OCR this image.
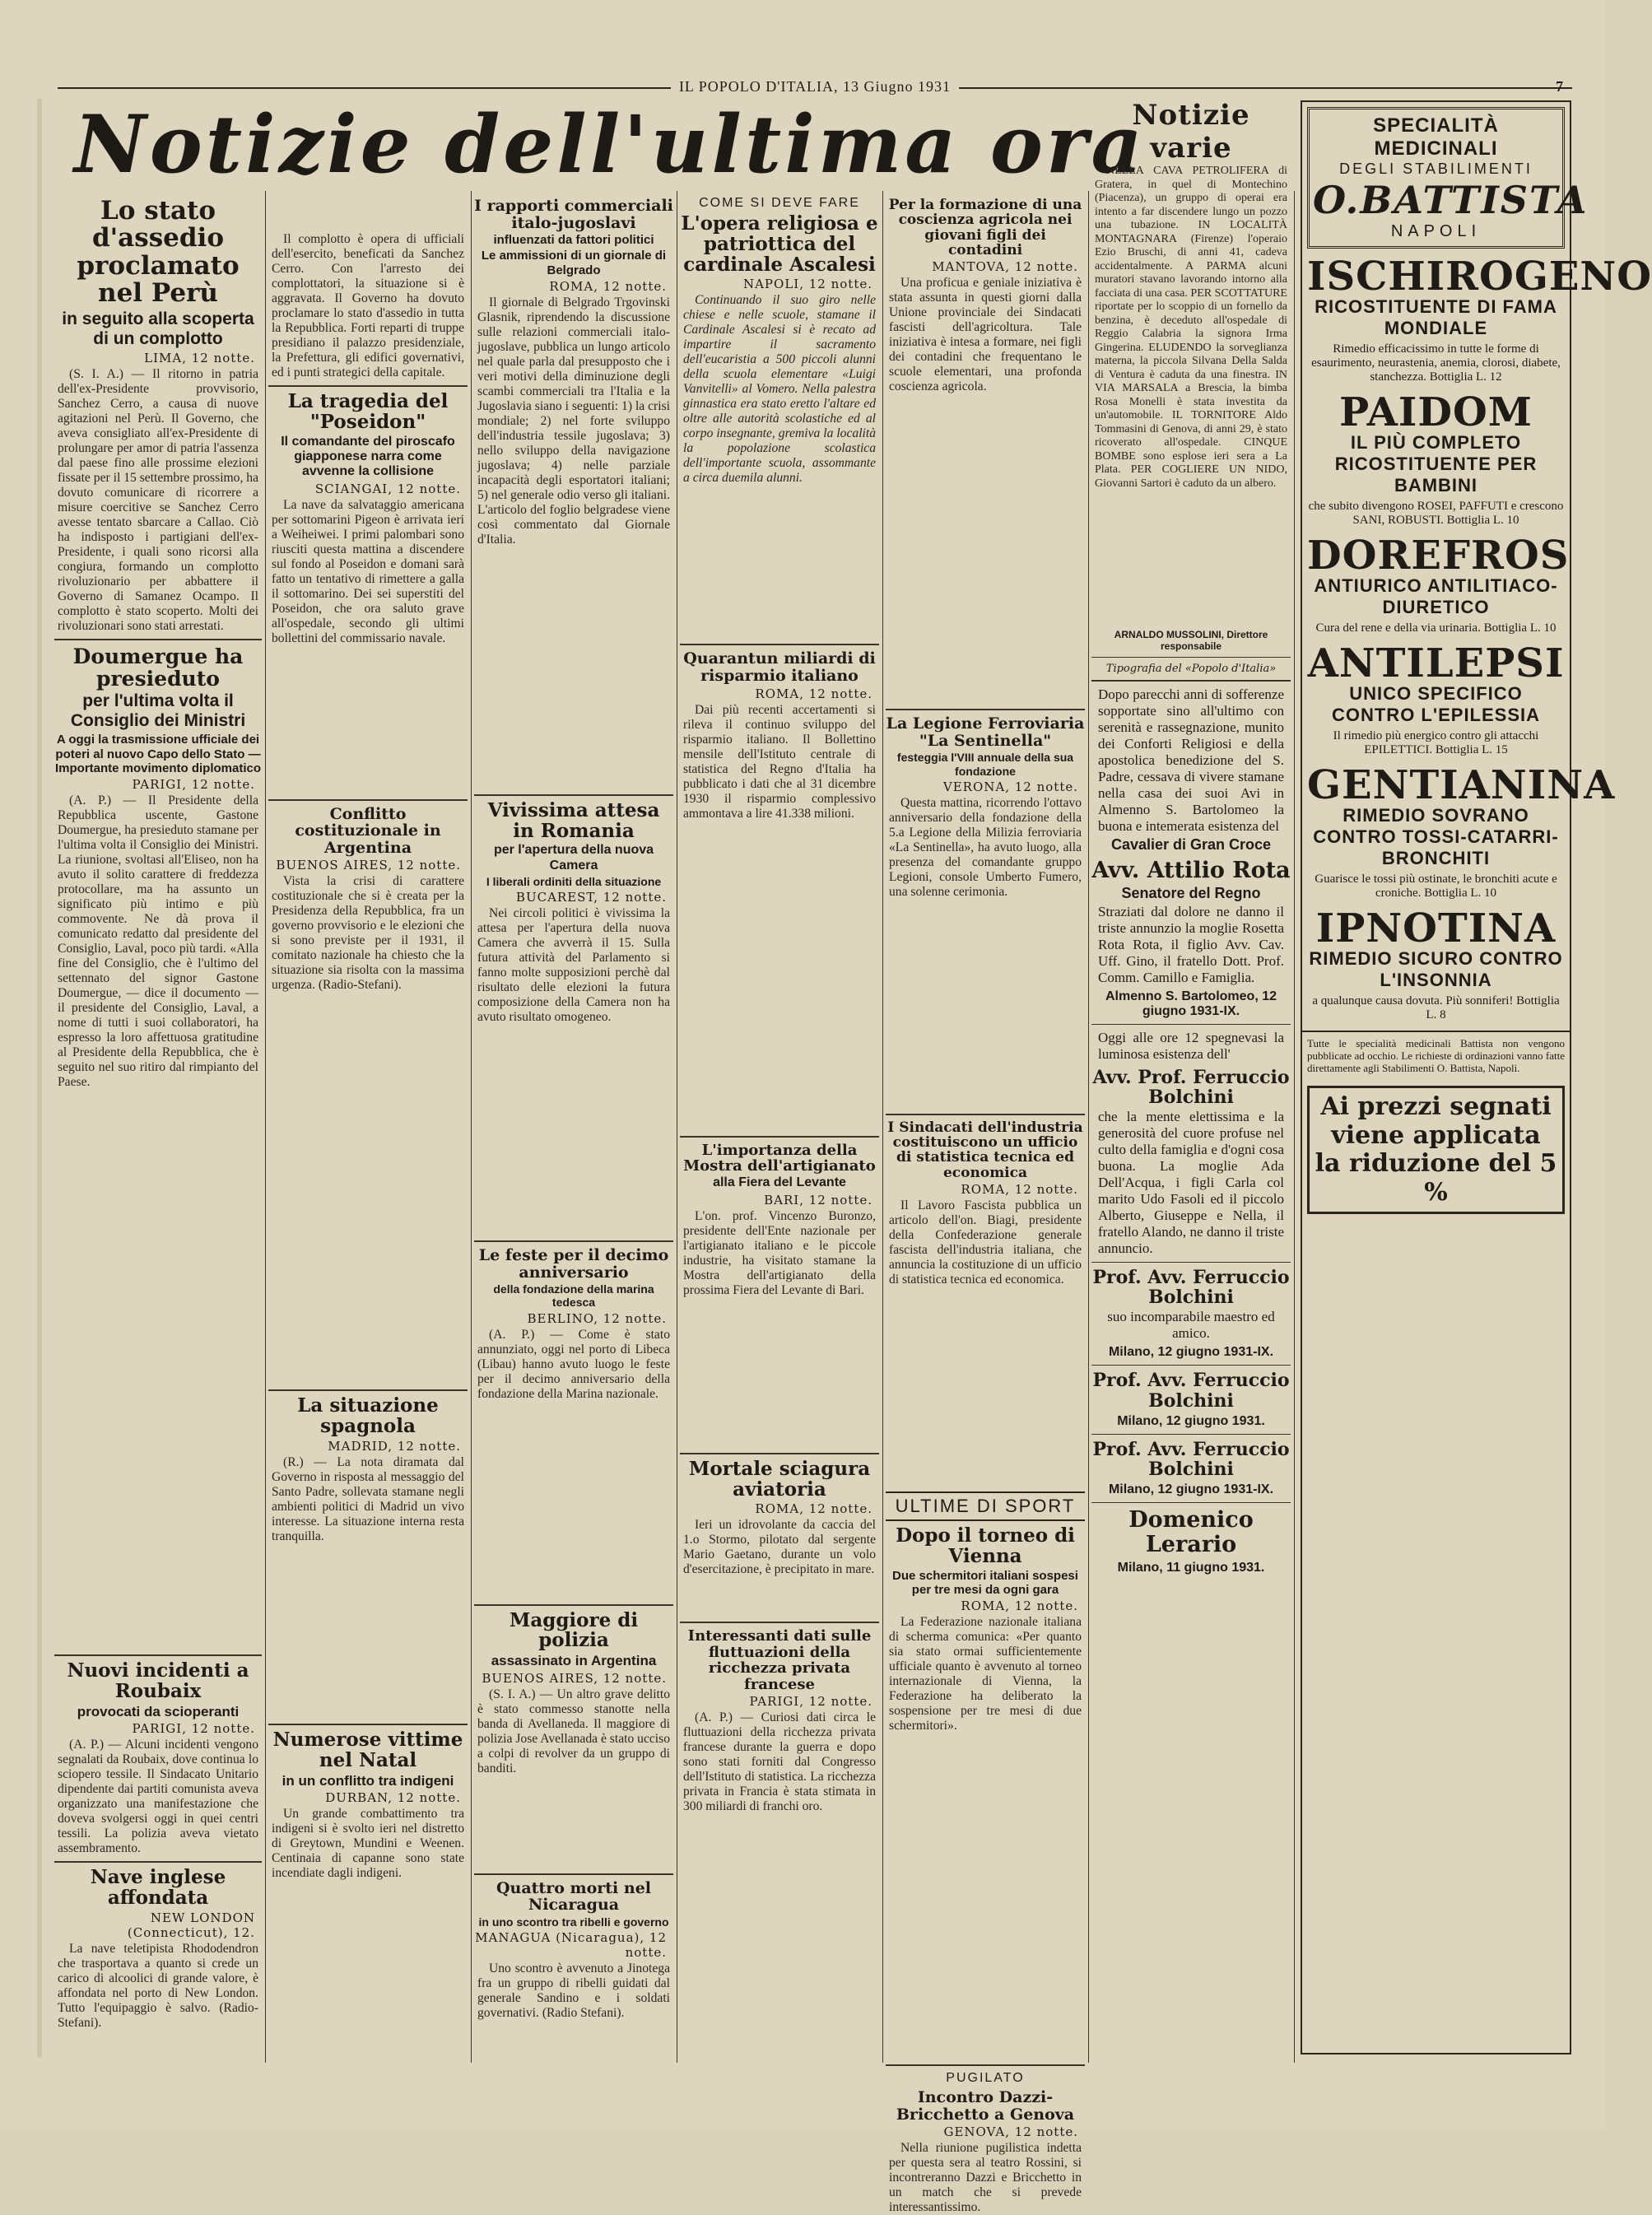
IL POPOLO D'ITALIA, 13 Giugno 1931	7
Notizie dell'ultima ora
Lo stato d'assedio proclamato nel Perù
in seguito alla scoperta di un complotto
LIMA, 12 notte.

(S. I. A.) — Il ritorno in patria dell'ex-Presidente provvisorio, Sanchez Cerro, a causa di nuove agitazioni nel Perù. Il Governo, che aveva consigliato all'ex-Presidente di prolungare per amor di patria l'assenza dal paese fino alle prossime elezioni fissate per il 15 settembre prossimo, ha dovuto comunicare di ricorrere a misure coercitive se Sanchez Cerro avesse tentato sbarcare a Callao. Ciò ha indisposto i partigiani dell'ex-Presidente, i quali sono ricorsi alla congiura, formando un complotto rivoluzionario per abbattere il Governo di Samanez Ocampo. Il complotto è stato scoperto. Molti dei rivoluzionari sono stati arrestati.

Doumergue ha presieduto
per l'ultima volta il Consiglio dei Ministri
A oggi la trasmissione ufficiale dei poteri al nuovo Capo dello Stato — Importante movimento diplomatico
PARIGI, 12 notte.

(A. P.) — Il Presidente della Repubblica uscente, Gastone Doumergue, ha presieduto stamane per l'ultima volta il Consiglio dei Ministri. La riunione, svoltasi all'Eliseo, non ha avuto il solito carattere di freddezza protocollare, ma ha assunto un significato più intimo e più commovente. Ne dà prova il comunicato redatto dal presidente del Consiglio, Laval, poco più tardi. «Alla fine del Consiglio, che è l'ultimo del settennato del signor Gastone Doumergue, — dice il documento — il presidente del Consiglio, Laval, a nome di tutti i suoi collaboratori, ha espresso la loro affettuosa gratitudine al Presidente della Repubblica, che è seguito nel suo ritiro dal rimpianto del Paese.

Nuovi incidenti a Roubaix
provocati da scioperanti
PARIGI, 12 notte.

(A. P.) — Alcuni incidenti vengono segnalati da Roubaix, dove continua lo sciopero tessile. Il Sindacato Unitario dipendente dai partiti comunista aveva organizzato una manifestazione che doveva svolgersi oggi in quei centri tessili. La polizia aveva vietato assembramento.

Nave inglese affondata
NEW LONDON (Connecticut), 12.

La nave teletipista Rhododendron che trasportava a quanto si crede un carico di alcoolici di grande valore, è affondata nel porto di New London. Tutto l'equipaggio è salvo. (Radio-Stefani).

Il complotto è opera di ufficiali dell'esercito, beneficati da Sanchez Cerro. Con l'arresto dei complottatori, la situazione si è aggravata. Il Governo ha dovuto proclamare lo stato d'assedio in tutta la Repubblica. Forti reparti di truppe presidiano il palazzo presidenziale, la Prefettura, gli edifici governativi, ed i punti strategici della capitale.

La tragedia del "Poseidon"
Il comandante del piroscafo giapponese narra come avvenne la collisione
SCIANGAI, 12 notte.

La nave da salvataggio americana per sottomarini Pigeon è arrivata ieri a Weiheiwei. I primi palombari sono riusciti questa mattina a discendere sul fondo al Poseidon e domani sarà fatto un tentativo di rimettere a galla il sottomarino. Dei sei superstiti del Poseidon, che ora saluto grave all'ospedale, secondo gli ultimi bollettini del commissario navale.

Conflitto costituzionale in Argentina
BUENOS AIRES, 12 notte.

Vista la crisi di carattere costituzionale che si è creata per la Presidenza della Repubblica, fra un governo provvisorio e le elezioni che si sono previste per il 1931, il comitato nazionale ha chiesto che la situazione sia risolta con la massima urgenza. (Radio-Stefani).

La situazione spagnola
MADRID, 12 notte.

(R.) — La nota diramata dal Governo in risposta al messaggio del Santo Padre, sollevata stamane negli ambienti politici di Madrid un vivo interesse. La situazione interna resta tranquilla.

Numerose vittime nel Natal
in un conflitto tra indigeni
DURBAN, 12 notte.

Un grande combattimento tra indigeni si è svolto ieri nel distretto di Greytown, Mundini e Weenen. Centinaia di capanne sono state incendiate dagli indigeni.

I rapporti commerciali italo-jugoslavi
influenzati da fattori politici
Le ammissioni di un giornale di Belgrado
ROMA, 12 notte.

Il giornale di Belgrado Trgovinski Glasnik, riprendendo la discussione sulle relazioni commerciali italo-jugoslave, pubblica un lungo articolo nel quale parla dal presupposto che i veri motivi della diminuzione degli scambi commerciali tra l'Italia e la Jugoslavia siano i seguenti: 1) la crisi mondiale; 2) nel forte sviluppo dell'industria tessile jugoslava; 3) nello sviluppo della navigazione jugoslava; 4) nelle parziale incapacità degli esportatori italiani; 5) nel generale odio verso gli italiani. L'articolo del foglio belgradese viene così commentato dal Giornale d'Italia.

Vivissima attesa in Romania
per l'apertura della nuova Camera
I liberali ordiniti della situazione
BUCAREST, 12 notte.

Nei circoli politici è vivissima la attesa per l'apertura della nuova Camera che avverrà il 15. Sulla futura attività del Parlamento si fanno molte supposizioni perchè dal risultato delle elezioni la futura composizione della Camera non ha avuto risultato omogeneo.

Le feste per il decimo anniversario
della fondazione della marina tedesca
BERLINO, 12 notte.

(A. P.) — Come è stato annunziato, oggi nel porto di Libeca (Libau) hanno avuto luogo le feste per il decimo anniversario della fondazione della Marina nazionale.

Maggiore di polizia
assassinato in Argentina
BUENOS AIRES, 12 notte.

(S. I. A.) — Un altro grave delitto è stato commesso stanotte nella banda di Avellaneda. Il maggiore di polizia Jose Avellanada è stato ucciso a colpi di revolver da un gruppo di banditi.

Quattro morti nel Nicaragua
in uno scontro tra ribelli e governo
MANAGUA (Nicaragua), 12 notte.

Uno scontro è avvenuto a Jinotega fra un gruppo di ribelli guidati dal generale Sandino e i soldati governativi. (Radio Stefani).

COME SI DEVE FARE
L'opera religiosa e patriottica del cardinale Ascalesi
NAPOLI, 12 notte.

Continuando il suo giro nelle chiese e nelle scuole, stamane il Cardinale Ascalesi si è recato ad impartire il sacramento dell'eucaristia a 500 piccoli alunni della scuola elementare «Luigi Vanvitelli» al Vomero. Nella palestra ginnastica era stato eretto l'altare ed oltre alle autorità scolastiche ed al corpo insegnante, gremiva la località la popolazione scolastica dell'importante scuola, assommante a circa duemila alunni.

Quarantun miliardi di risparmio italiano
ROMA, 12 notte.

Dai più recenti accertamenti si rileva il continuo sviluppo del risparmio italiano. Il Bollettino mensile dell'Istituto centrale di statistica del Regno d'Italia ha pubblicato i dati che al 31 dicembre 1930 il risparmio complessivo ammontava a lire 41.338 milioni.

L'importanza della Mostra dell'artigianato
alla Fiera del Levante
BARI, 12 notte.

L'on. prof. Vincenzo Buronzo, presidente dell'Ente nazionale per l'artigianato italiano e le piccole industrie, ha visitato stamane la Mostra dell'artigianato della prossima Fiera del Levante di Bari.

Mortale sciagura aviatoria
ROMA, 12 notte.

Ieri un idrovolante da caccia del 1.o Stormo, pilotato dal sergente Mario Gaetano, durante un volo d'esercitazione, è precipitato in mare.

Interessanti dati sulle fluttuazioni della ricchezza privata francese
PARIGI, 12 notte.

(A. P.) — Curiosi dati circa le fluttuazioni della ricchezza privata francese durante la guerra e dopo sono stati forniti dal Congresso dell'Istituto di statistica. La ricchezza privata in Francia è stata stimata in 300 miliardi di franchi oro.

Per la formazione di una coscienza agricola nei giovani figli dei contadini
MANTOVA, 12 notte.

Una proficua e geniale iniziativa è stata assunta in questi giorni dalla Unione provinciale dei Sindacati fascisti dell'agricoltura. Tale iniziativa è intesa a formare, nei figli dei contadini che frequentano le scuole elementari, una profonda coscienza agricola.

La Legione Ferroviaria "La Sentinella"
festeggia l'VIII annuale della sua fondazione
VERONA, 12 notte.

Questa mattina, ricorrendo l'ottavo anniversario della fondazione della 5.a Legione della Milizia ferroviaria «La Sentinella», ha avuto luogo, alla presenza del comandante gruppo Legioni, console Umberto Fumero, una solenne cerimonia.

I Sindacati dell'industria costituiscono un ufficio di statistica tecnica ed economica
ROMA, 12 notte.

Il Lavoro Fascista pubblica un articolo dell'on. Biagi, presidente della Confederazione generale fascista dell'industria italiana, che annuncia la costituzione di un ufficio di statistica tecnica ed economica.

ULTIME DI SPORT
Dopo il torneo di Vienna
Due schermitori italiani sospesi per tre mesi da ogni gara
ROMA, 12 notte.

La Federazione nazionale italiana di scherma comunica: «Per quanto sia stato ormai sufficientemente ufficiale quanto è avvenuto al torneo internazionale di Vienna, la Federazione ha deliberato la sospensione per tre mesi di due schermitori».

PUGILATO
Incontro Dazzi-Bricchetto a Genova
GENOVA, 12 notte.

Nella riunione pugilistica indetta per questa sera al teatro Rossini, si incontreranno Dazzi e Bricchetto in un match che si prevede interessantissimo.

Notizie varie

NELLA CAVA PETROLIFERA di Gratera, in quel di Montechino (Piacenza), un gruppo di operai era intento a far discendere lungo un pozzo una tubazione. IN LOCALITÀ MONTAGNARA (Firenze) l'operaio Ezio Bruschi, di anni 41, cadeva accidentalmente. A PARMA alcuni muratori stavano lavorando intorno alla facciata di una casa. PER SCOTTATURE riportate per lo scoppio di un fornello da benzina, è deceduto all'ospedale di Reggio Calabria la signora Irma Gingerina. ELUDENDO la sorveglianza materna, la piccola Silvana Della Salda di Ventura è caduta da una finestra. IN VIA MARSALA a Brescia, la bimba Rosa Monelli è stata investita da un'automobile. IL TORNITORE Aldo Tommasini di Genova, di anni 29, è stato ricoverato all'ospedale. CINQUE BOMBE sono esplose ieri sera a La Plata. PER COGLIERE UN NIDO, Giovanni Sartori è caduto da un albero.

ARNALDO MUSSOLINI, Direttore responsabile
Tipografia del «Popolo d'Italia»
Dopo parecchi anni di sofferenze sopportate sino all'ultimo con serenità e rassegnazione, munito dei Conforti Religiosi e della apostolica benedizione del S. Padre, cessava di vivere stamane nella casa dei suoi Avi in Almenno S. Bartolomeo la buona e intemerata esistenza del
Cavalier di Gran Croce
Avv. Attilio Rota
Senatore del Regno
Straziati dal dolore ne danno il triste annunzio la moglie Rosetta Rota Rota, il figlio Avv. Cav. Uff. Gino, il fratello Dott. Prof. Comm. Camillo e Famiglia.
Almenno S. Bartolomeo, 12 giugno 1931-IX.
Oggi alle ore 12 spegnevasi la luminosa esistenza dell'
Avv. Prof. Ferruccio Bolchini
che la mente elettissima e la generosità del cuore profuse nel culto della famiglia e d'ogni cosa buona. La moglie Ada Dell'Acqua, i figli Carla col marito Udo Fasoli ed il piccolo Alberto, Giuseppe e Nella, il fratello Alando, ne danno il triste annuncio.
Prof. Avv. Ferruccio Bolchini
suo incomparabile maestro ed amico.
Milano, 12 giugno 1931-IX.
Prof. Avv. Ferruccio Bolchini
Milano, 12 giugno 1931.
Prof. Avv. Ferruccio Bolchini
Milano, 12 giugno 1931-IX.
Domenico Lerario
Milano, 11 giugno 1931.
SPECIALITÀ MEDICINALI
DEGLI STABILIMENTI
O.BATTISTA
NAPOLI
ISCHIROGENO
RICOSTITUENTE DI FAMA MONDIALE
Rimedio efficacissimo in tutte le forme di esaurimento, neurastenia, anemia, clorosi, diabete, stanchezza. Bottiglia L. 12
PAIDOM
IL PIÙ COMPLETO RICOSTITUENTE PER BAMBINI
che subito divengono ROSEI, PAFFUTI e crescono SANI, ROBUSTI. Bottiglia L. 10
DOREFROS
ANTIURICO ANTILITIACO-DIURETICO
Cura del rene e della via urinaria. Bottiglia L. 10
ANTILEPSI
UNICO SPECIFICO CONTRO L'EPILESSIA
Il rimedio più energico contro gli attacchi EPILETTICI. Bottiglia L. 15
GENTIANINA
RIMEDIO SOVRANO CONTRO TOSSI-CATARRI-BRONCHITI
Guarisce le tossi più ostinate, le bronchiti acute e croniche. Bottiglia L. 10
IPNOTINA
RIMEDIO SICURO CONTRO L'INSONNIA
a qualunque causa dovuta. Più sonniferi! Bottiglia L. 8
Tutte le specialità medicinali Battista non vengono pubblicate ad occhio. Le richieste di ordinazioni vanno fatte direttamente agli Stabilimenti O. Battista, Napoli.
Ai prezzi segnati viene applicata la riduzione del 5 %
